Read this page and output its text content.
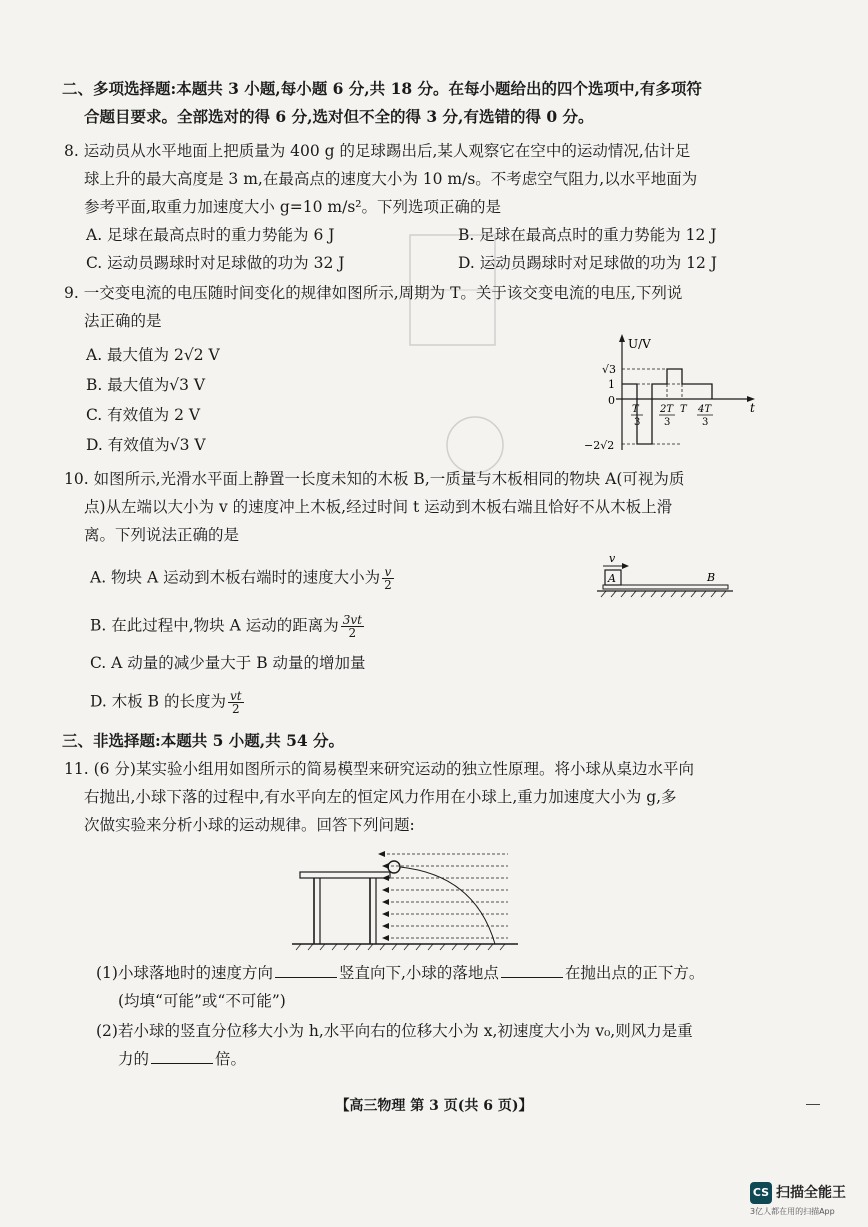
二、多项选择题:本题共 3 小题,每小题 6 分,共 18 分。在每小题给出的四个选项中,有多项符
合题目要求。全部选对的得 6 分,选对但不全的得 3 分,有选错的得 0 分。
8. 运动员从水平地面上把质量为 400 g 的足球踢出后,某人观察它在空中的运动情况,估计足
球上升的最大高度是 3 m,在最高点的速度大小为 10 m/s。不考虑空气阻力,以水平地面为
参考平面,取重力加速度大小 g=10 m/s²。下列选项正确的是
A. 足球在最高点时的重力势能为 6 J	B. 足球在最高点时的重力势能为 12 J
C. 运动员踢球时对足球做的功为 32 J	D. 运动员踢球时对足球做的功为 12 J
9. 一交变电流的电压随时间变化的规律如图所示,周期为 T。关于该交变电流的电压,下列说
法正确的是
A. 最大值为 2√2 V
B. 最大值为√3 V
C. 有效值为 2 V
D. 有效值为√3 V
U/V
t
√3
1
0
−2√2
T
3
2T
3
T 4T
3
10. 如图所示,光滑水平面上静置一长度未知的木板 B,一质量与木板相同的物块 A(可视为质
点)从左端以大小为 v 的速度冲上木板,经过时间 t 运动到木板右端且恰好不从木板上滑
离。下列说法正确的是
A. 物块 A 运动到木板右端时的速度大小为 $\frac{v}{2}$
B. 在此过程中,物块 A 运动的距离为 $\frac{3vt}{2}$
C. A 动量的减少量大于 B 动量的增加量
D. 木板 B 的长度为 $\frac{vt}{2}$
v
A	B
三、非选择题:本题共 5 小题,共 54 分。
11. (6 分)某实验小组用如图所示的简易模型来研究运动的独立性原理。将小球从桌边水平向
右抛出,小球下落的过程中,有水平向左的恒定风力作用在小球上,重力加速度大小为 g,多
次做实验来分析小球的运动规律。回答下列问题:
(1)小球落地时的速度方向	竖直向下,小球的落地点	在抛出点的正下方。
(均填“可能”或“不可能”)
(2)若小球的竖直分位移大小为 h,水平向右的位移大小为 x,初速度大小为 v₀,则风力是重
力的	倍。
【高三物理 第 3 页(共 6 页)】
CS 扫描全能王
3亿人都在用的扫描App
